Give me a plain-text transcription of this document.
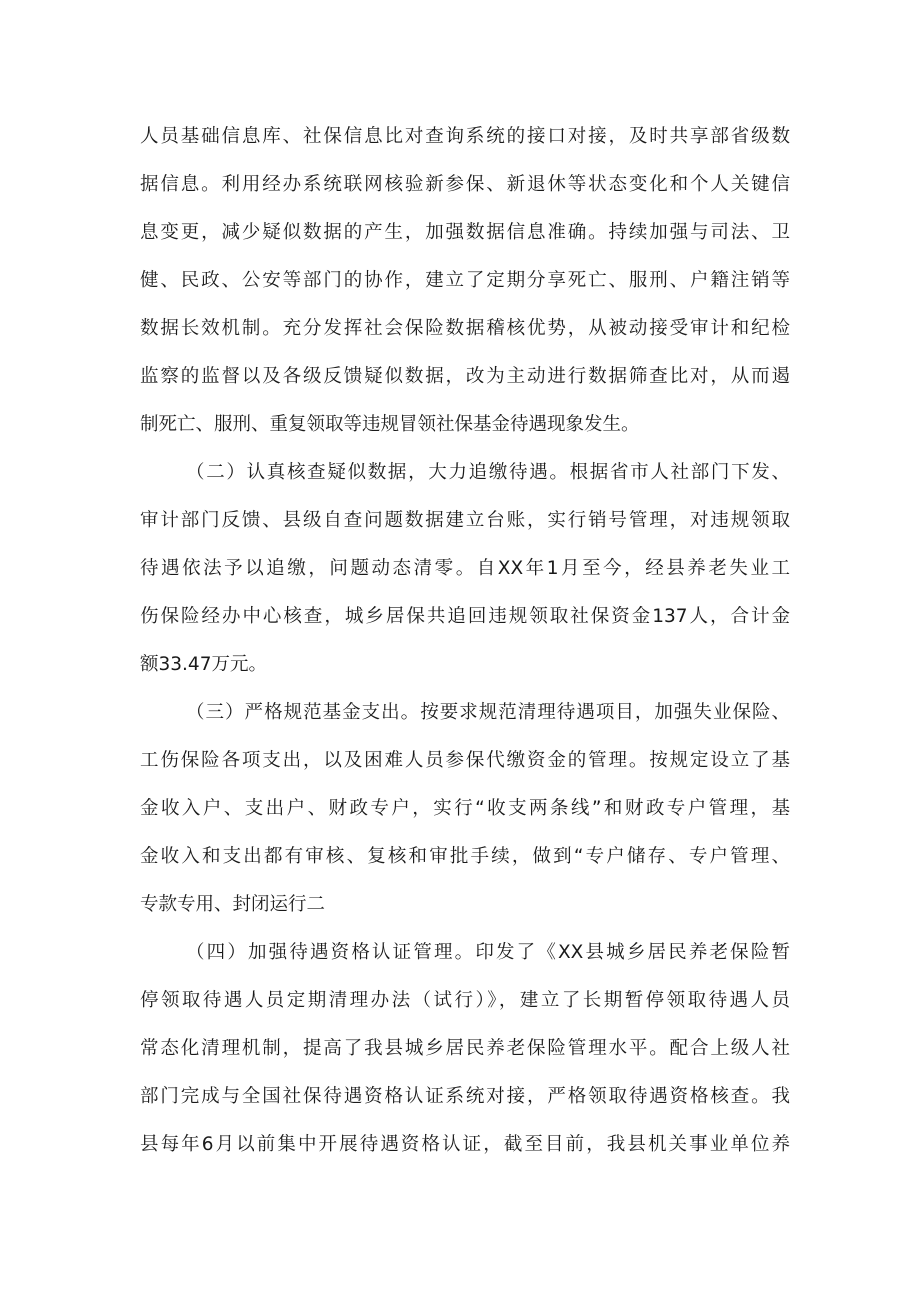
人员基础信息库、社保信息比对查询系统的接口对接，及时共享部省级数
据信息。利用经办系统联网核验新参保、新退休等状态变化和个人关键信
息变更，减少疑似数据的产生，加强数据信息准确。持续加强与司法、卫
健、民政、公安等部门的协作，建立了定期分享死亡、服刑、户籍注销等
数据长效机制。充分发挥社会保险数据稽核优势，从被动接受审计和纪检
监察的监督以及各级反馈疑似数据，改为主动进行数据筛查比对，从而遏
制死亡、服刑、重复领取等违规冒领社保基金待遇现象发生。
（二）认真核查疑似数据，大力追缴待遇。根据省市人社部门下发、
审计部门反馈、县级自查问题数据建立台账，实行销号管理，对违规领取
待遇依法予以追缴，问题动态清零。自XX年1月至今，经县养老失业工
伤保险经办中心核查，城乡居保共追回违规领取社保资金137人，合计金
额33.47万元。
（三）严格规范基金支出。按要求规范清理待遇项目，加强失业保险、
工伤保险各项支出，以及困难人员参保代缴资金的管理。按规定设立了基
金收入户、支出户、财政专户，实行“收支两条线”和财政专户管理，基
金收入和支出都有审核、复核和审批手续，做到“专户储存、专户管理、
专款专用、封闭运行二
（四）加强待遇资格认证管理。印发了《XX县城乡居民养老保险暂
停领取待遇人员定期清理办法（试行）》，建立了长期暂停领取待遇人员
常态化清理机制，提高了我县城乡居民养老保险管理水平。配合上级人社
部门完成与全国社保待遇资格认证系统对接，严格领取待遇资格核查。我
县每年6月以前集中开展待遇资格认证，截至目前，我县机关事业单位养
